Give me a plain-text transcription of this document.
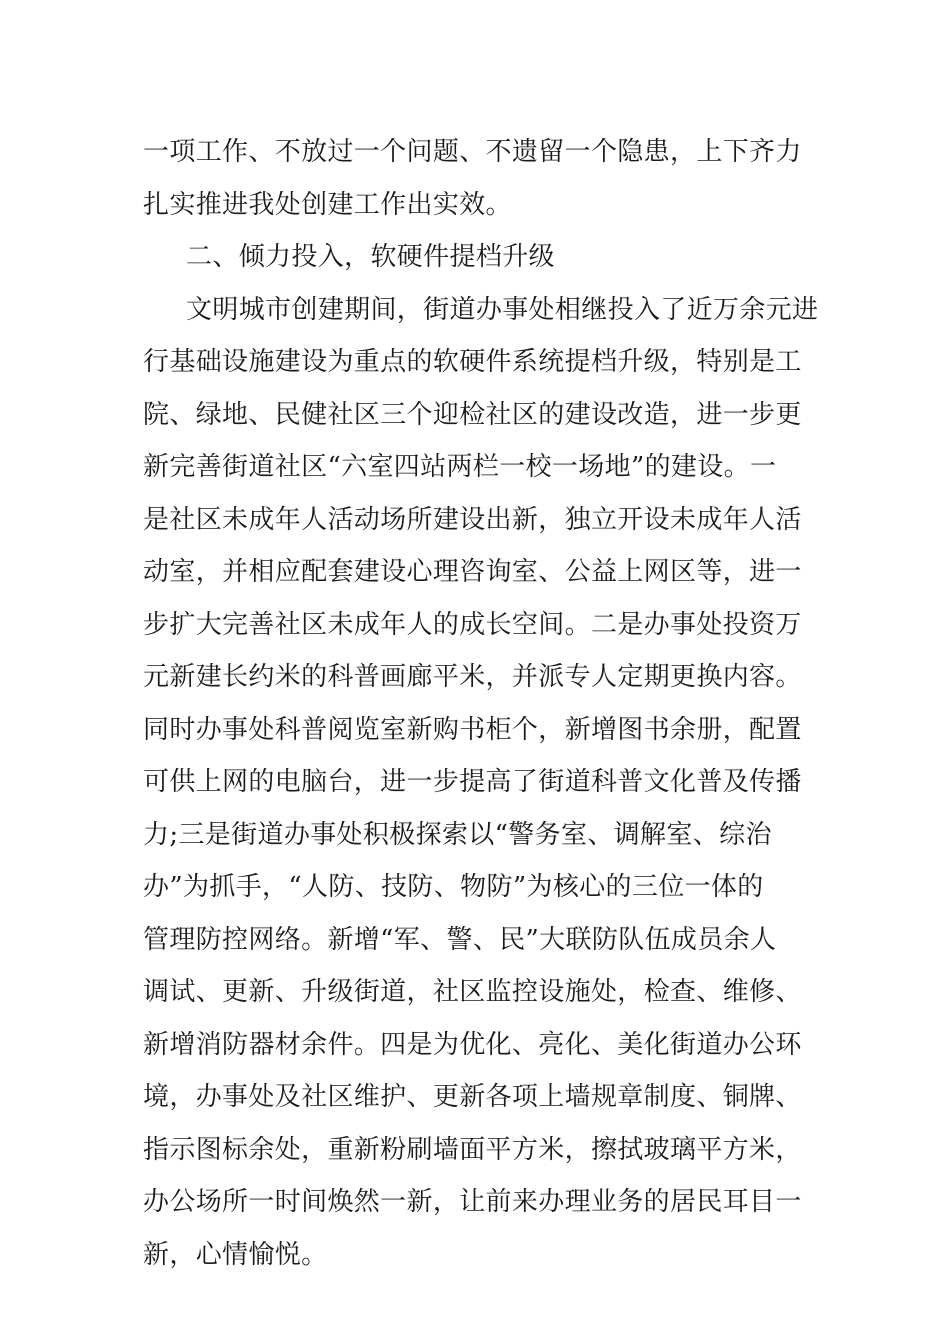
一项工作、不放过一个问题、不遗留一个隐患，上下齐力
扎实推进我处创建工作出实效。
二、倾力投入，软硬件提档升级
文明城市创建期间，街道办事处相继投入了近万余元进
行基础设施建设为重点的软硬件系统提档升级，特别是工
院、绿地、民健社区三个迎检社区的建设改造，进一步更
新完善街道社区“六室四站两栏一校一场地”的建设。一
是社区未成年人活动场所建设出新，独立开设未成年人活
动室，并相应配套建设心理咨询室、公益上网区等，进一
步扩大完善社区未成年人的成长空间。二是办事处投资万
元新建长约米的科普画廊平米，并派专人定期更换内容。
同时办事处科普阅览室新购书柜个，新增图书余册，配置
可供上网的电脑台，进一步提高了街道科普文化普及传播
力;三是街道办事处积极探索以“警务室、调解室、综治
办”为抓手，“人防、技防、物防”为核心的三位一体的
管理防控网络。新增“军、警、民”大联防队伍成员余人
调试、更新、升级街道，社区监控设施处，检查、维修、
新增消防器材余件。四是为优化、亮化、美化街道办公环
境，办事处及社区维护、更新各项上墙规章制度、铜牌、
指示图标余处，重新粉刷墙面平方米，擦拭玻璃平方米，
办公场所一时间焕然一新，让前来办理业务的居民耳目一
新，心情愉悦。
